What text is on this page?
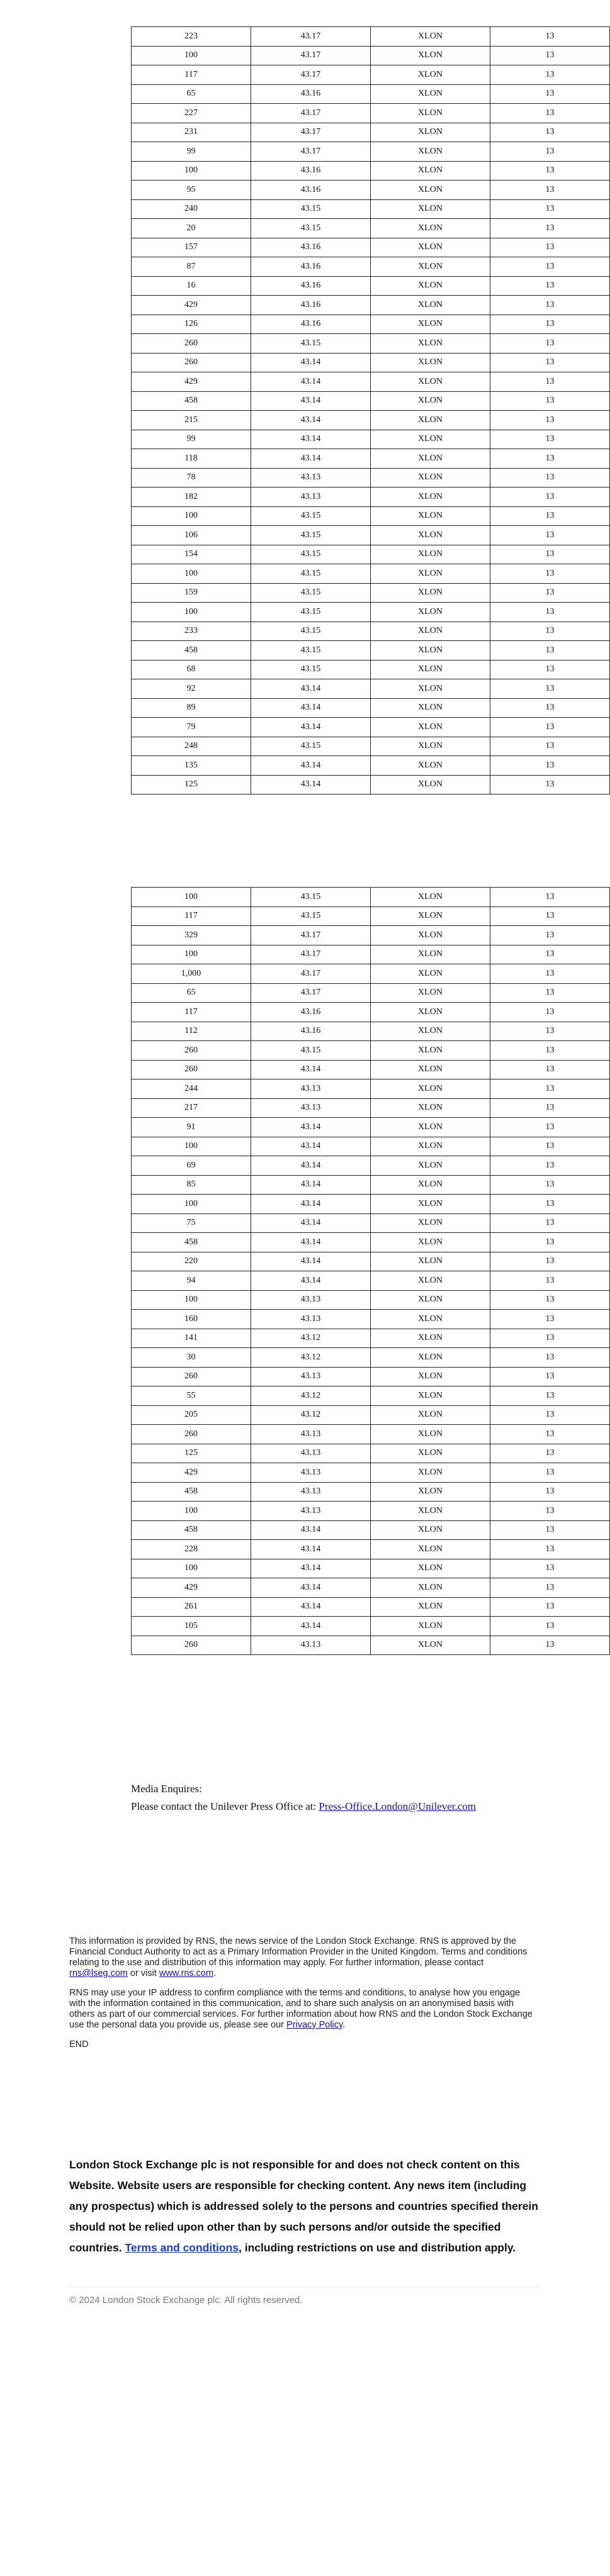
223	43.17	XLON	13
100	43.17	XLON	13
117	43.17	XLON	13
65	43.16	XLON	13
227	43.17	XLON	13
231	43.17	XLON	13
99	43.17	XLON	13
100	43.16	XLON	13
95	43.16	XLON	13
240	43.15	XLON	13
20	43.15	XLON	13
157	43.16	XLON	13
87	43.16	XLON	13
16	43.16	XLON	13
429	43.16	XLON	13
126	43.16	XLON	13
260	43.15	XLON	13
260	43.14	XLON	13
429	43.14	XLON	13
458	43.14	XLON	13
215	43.14	XLON	13
99	43.14	XLON	13
118	43.14	XLON	13
78	43.13	XLON	13
182	43.13	XLON	13
100	43.15	XLON	13
106	43.15	XLON	13
154	43.15	XLON	13
100	43.15	XLON	13
159	43.15	XLON	13
100	43.15	XLON	13
233	43.15	XLON	13
458	43.15	XLON	13
68	43.15	XLON	13
92	43.14	XLON	13
89	43.14	XLON	13
79	43.14	XLON	13
248	43.15	XLON	13
135	43.14	XLON	13
125	43.14	XLON	13
100	43.15	XLON	13
117	43.15	XLON	13
329	43.17	XLON	13
100	43.17	XLON	13
1,000	43.17	XLON	13
65	43.17	XLON	13
117	43.16	XLON	13
112	43.16	XLON	13
260	43.15	XLON	13
260	43.14	XLON	13
244	43.13	XLON	13
217	43.13	XLON	13
91	43.14	XLON	13
100	43.14	XLON	13
69	43.14	XLON	13
85	43.14	XLON	13
100	43.14	XLON	13
75	43.14	XLON	13
458	43.14	XLON	13
220	43.14	XLON	13
94	43.14	XLON	13
100	43.13	XLON	13
160	43.13	XLON	13
141	43.12	XLON	13
30	43.12	XLON	13
260	43.13	XLON	13
55	43.12	XLON	13
205	43.12	XLON	13
260	43.13	XLON	13
125	43.13	XLON	13
429	43.13	XLON	13
458	43.13	XLON	13
100	43.13	XLON	13
458	43.14	XLON	13
228	43.14	XLON	13
100	43.14	XLON	13
429	43.14	XLON	13
261	43.14	XLON	13
105	43.14	XLON	13
260	43.13	XLON	13
Media Enquires:
Please contact the Unilever Press Office at: Press-Office.London@Unilever.com

This information is provided by RNS, the news service of the London Stock Exchange. RNS is approved by the Financial Conduct Authority to act as a Primary Information Provider in the United Kingdom. Terms and conditions relating to the use and distribution of this information may apply. For further information, please contact rns@lseg.com or visit www.rns.com.

RNS may use your IP address to confirm compliance with the terms and conditions, to analyse how you engage with the information contained in this communication, and to share such analysis on an anonymised basis with others as part of our commercial services. For further information about how RNS and the London Stock Exchange use the personal data you provide us, please see our Privacy Policy.

END

London Stock Exchange plc is not responsible for and does not check content on this Website. Website users are responsible for checking content. Any news item (including any prospectus) which is addressed solely to the persons and countries specified therein should not be relied upon other than by such persons and/or outside the specified countries. Terms and conditions, including restrictions on use and distribution apply.
© 2024 London Stock Exchange plc. All rights reserved.
